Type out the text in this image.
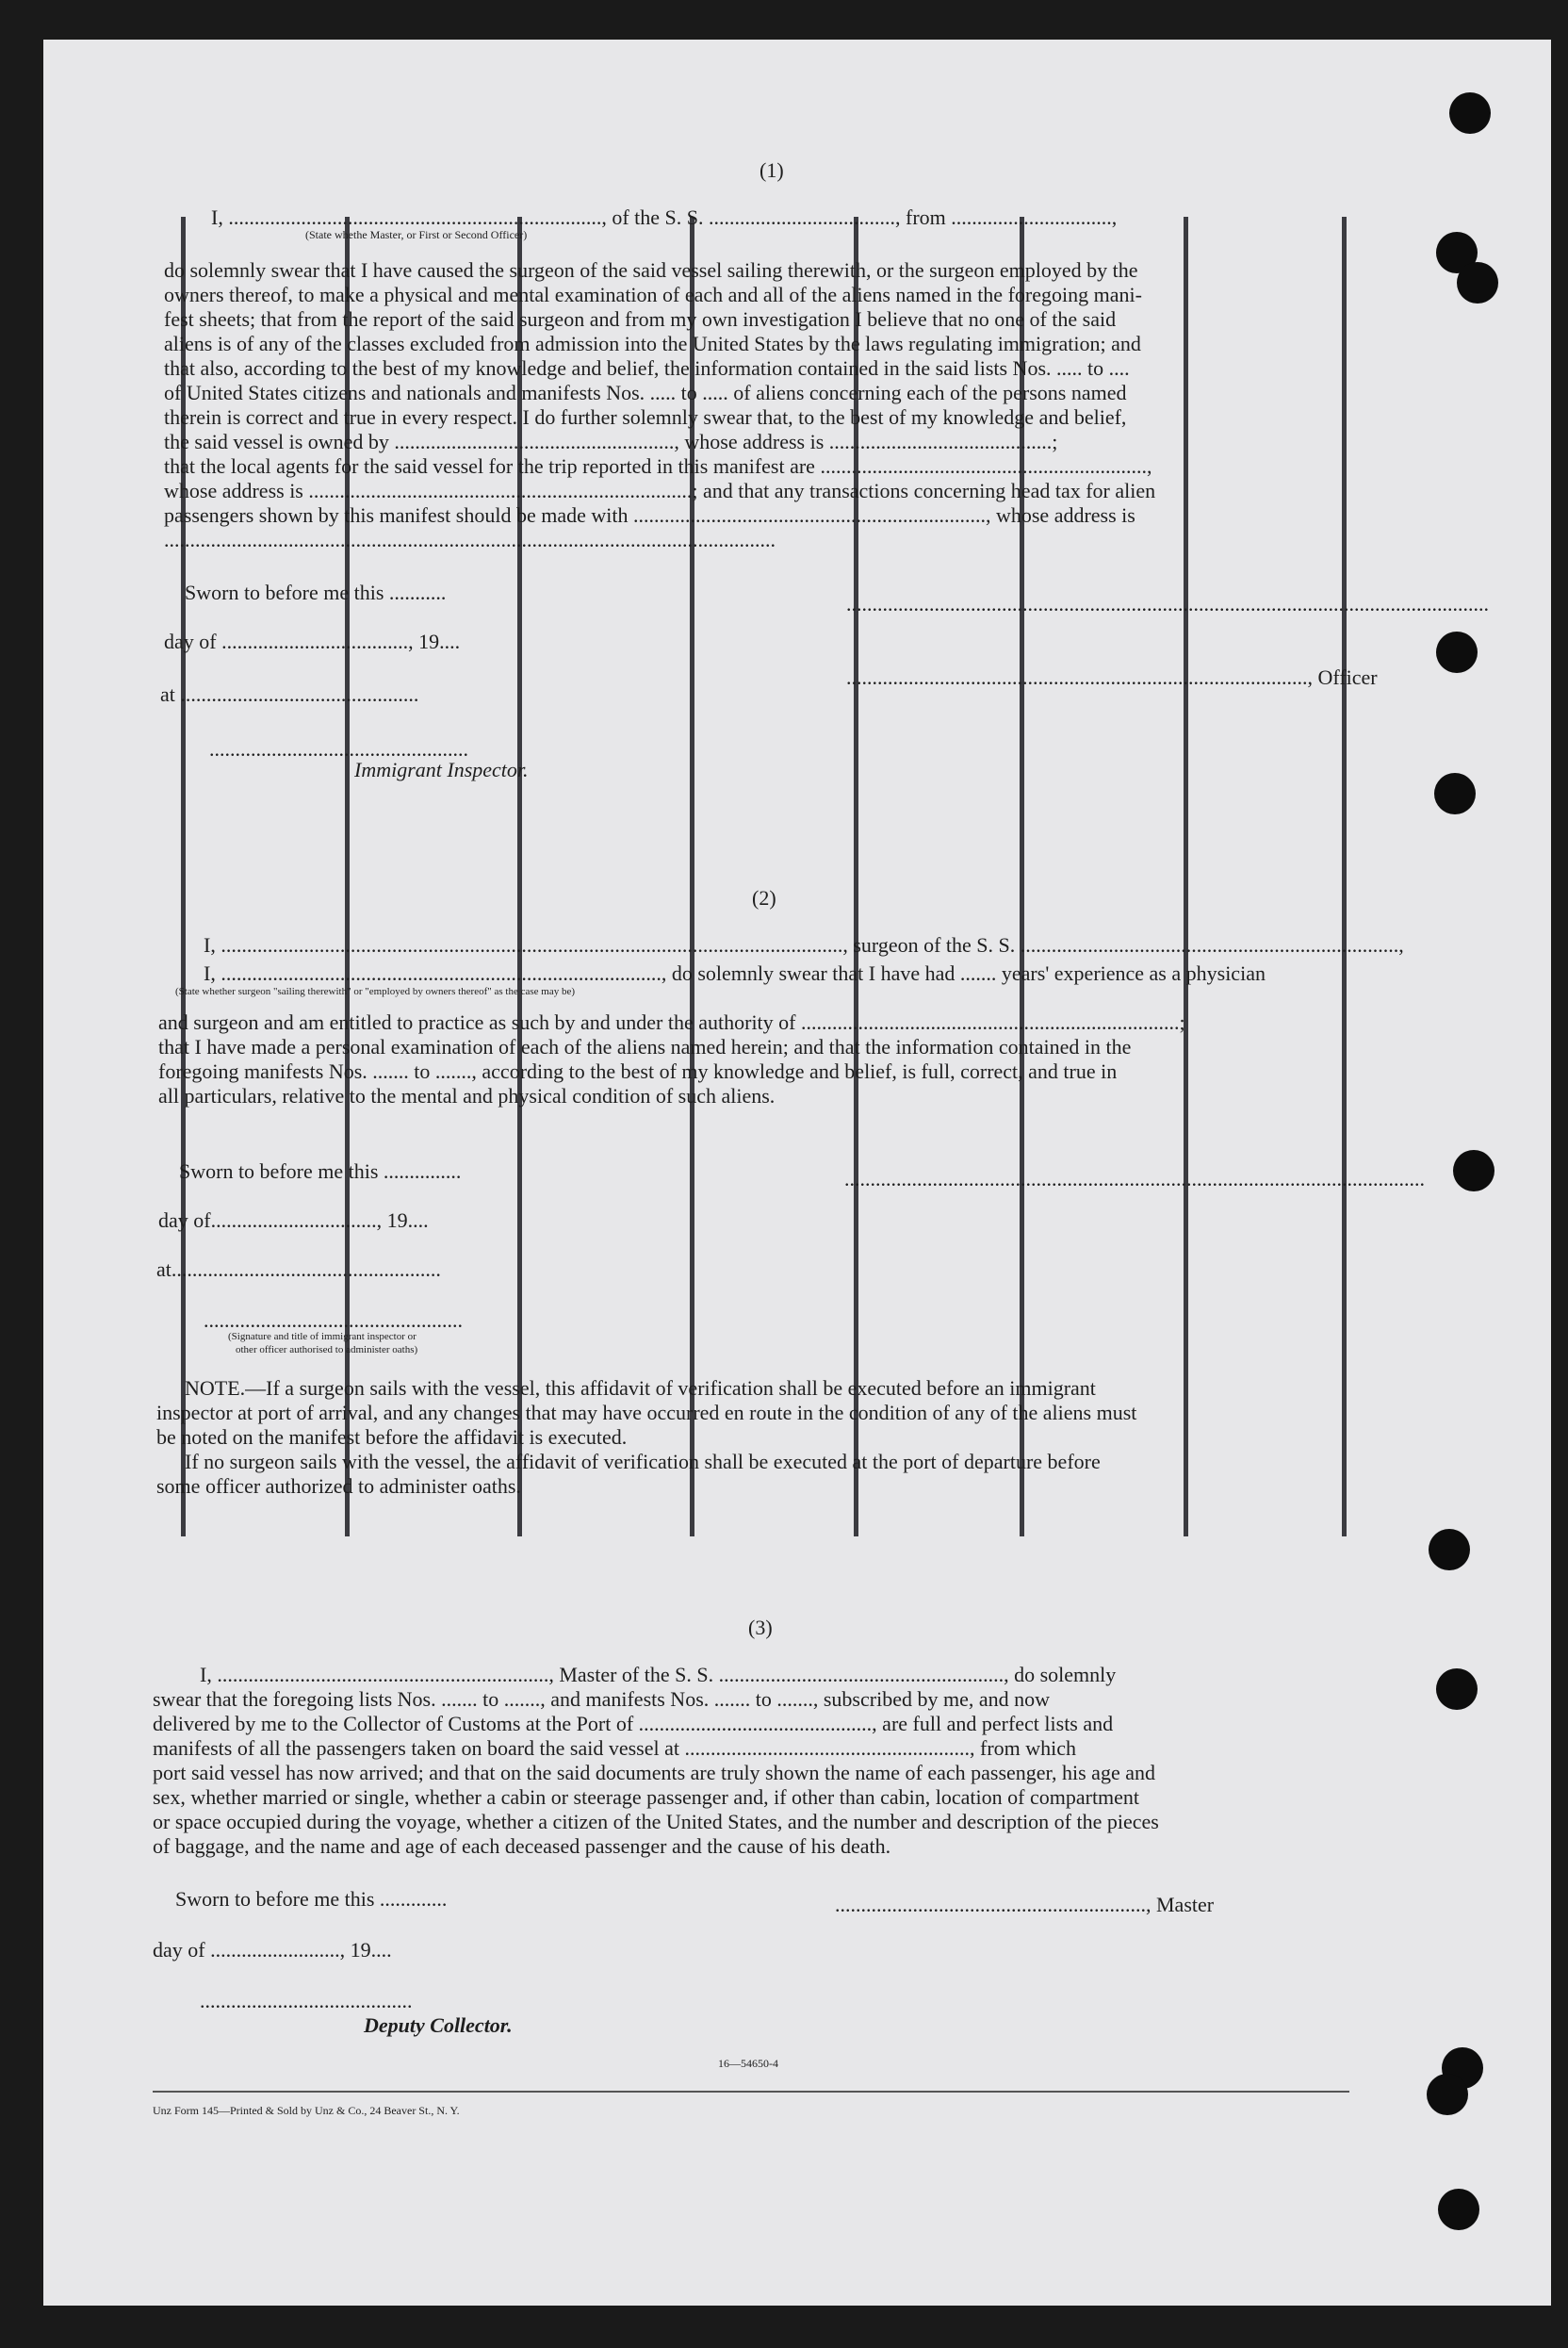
(1)
I, ........................................................................, of the S. S. ...................................., from ...............................,
(State whethe Master, or First or Second Officer)
do solemnly swear that I have caused the surgeon of the said vessel sailing therewith, or the surgeon employed by the
owners thereof, to make a physical and mental examination of each and all of the aliens named in the foregoing mani-
fest sheets; that from the report of the said surgeon and from my own investigation I believe that no one of the said
aliens is of any of the classes excluded from admission into the United States by the laws regulating immigration; and
that also, according to the best of my knowledge and belief, the information contained in the said lists Nos. ..... to ....
of United States citizens and nationals and manifests Nos. ..... to ..... of aliens concerning each of the persons named
therein is correct and true in every respect. I do further solemnly swear that, to the best of my knowledge and belief,
the said vessel is owned by ......................................................, whose address is ...........................................;
that the local agents for the said vessel for the trip reported in this manifest are ...............................................................,
whose address is ..........................................................................; and that any transactions concerning head tax for alien
passengers shown by this manifest should be made with ...................................................................., whose address is
......................................................................................................................
Sworn to before me this ...........
day of ...................................., 19....
at ..............................................
..................................................
Immigrant Inspector.
............................................................................................................................
........................................................................................., Officer
(2)
I, ........................................................................................................................, surgeon of the S. S. .........................................................................,
I, ....................................................................................., do solemnly swear that I have had ....... years' experience as a physician
(State whether surgeon "sailing therewith" or "employed by owners thereof" as the case may be)
and surgeon and am entitled to practice as such by and under the authority of .........................................................................;
that I have made a personal examination of each of the aliens named herein; and that the information contained in the
foregoing manifests Nos. ....... to ......., according to the best of my knowledge and belief, is full, correct, and true in
all particulars, relative to the mental and physical condition of such aliens.
Sworn to before me this ...............
day of................................, 19....
at....................................................
..................................................
(Signature and title of immigrant inspector or
other officer authorised to administer oaths)
................................................................................................................
NOTE.—If a surgeon sails with the vessel, this affidavit of verification shall be executed before an immigrant
inspector at port of arrival, and any changes that may have occurred en route in the condition of any of the aliens must
be noted on the manifest before the affidavit is executed.
If no surgeon sails with the vessel, the affidavit of verification shall be executed at the port of departure before
some officer authorized to administer oaths.
(3)
I, ................................................................, Master of the S. S. ......................................................., do solemnly
swear that the foregoing lists Nos. ....... to ......., and manifests Nos. ....... to ......., subscribed by me, and now
delivered by me to the Collector of Customs at the Port of ............................................., are full and perfect lists and
manifests of all the passengers taken on board the said vessel at ......................................................., from which
port said vessel has now arrived; and that on the said documents are truly shown the name of each passenger, his age and
sex, whether married or single, whether a cabin or steerage passenger and, if other than cabin, location of compartment
or space occupied during the voyage, whether a citizen of the United States, and the number and description of the pieces
of baggage, and the name and age of each deceased passenger and the cause of his death.
Sworn to before me this .............
day of ........................., 19....
.........................................
Deputy Collector.
............................................................, Master
16—54650-4
Unz Form 145—Printed & Sold by Unz & Co., 24 Beaver St., N. Y.
